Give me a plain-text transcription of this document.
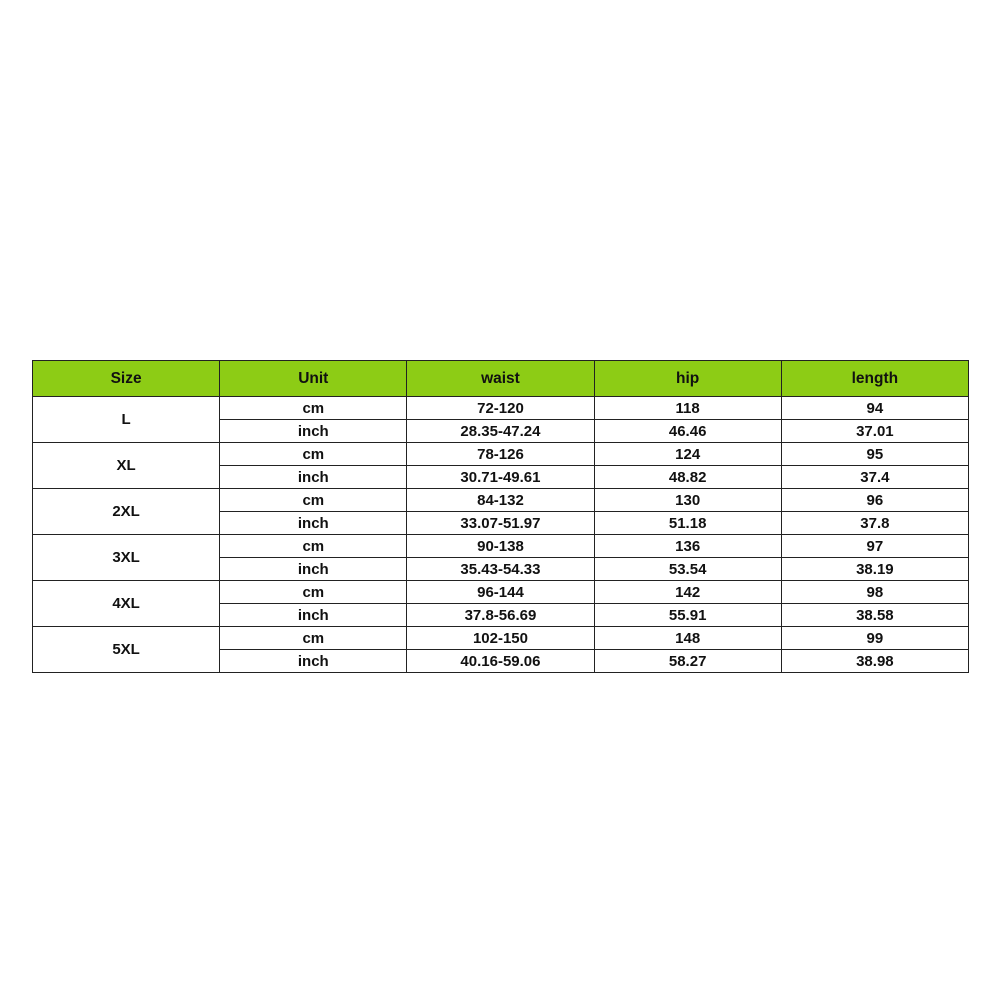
Size	Unit	waist	hip	length
L	cm	72-120	118	94
	inch	28.35-47.24	46.46	37.01
XL	cm	78-126	124	95
	inch	30.71-49.61	48.82	37.4
2XL	cm	84-132	130	96
	inch	33.07-51.97	51.18	37.8
3XL	cm	90-138	136	97
	inch	35.43-54.33	53.54	38.19
4XL	cm	96-144	142	98
	inch	37.8-56.69	55.91	38.58
5XL	cm	102-150	148	99
	inch	40.16-59.06	58.27	38.98
